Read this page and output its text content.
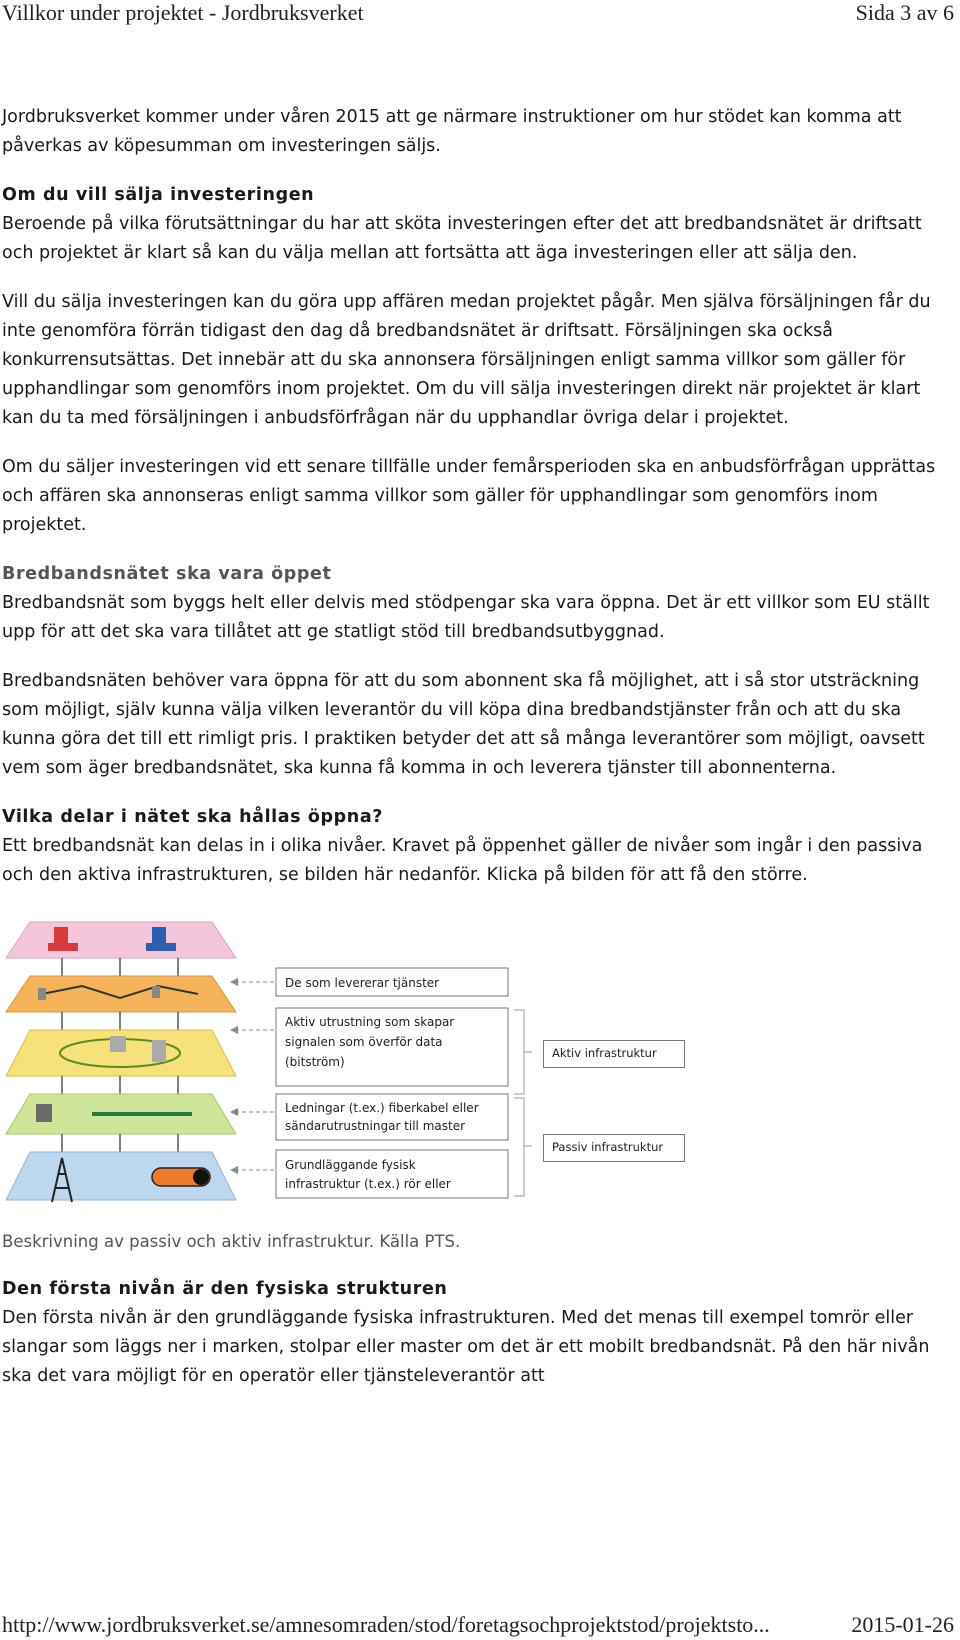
Villkor under projektet - Jordbruksverket	Sida 3 av 6

Jordbruksverket kommer under våren 2015 att ge närmare instruktioner om hur stödet kan komma att påverkas av köpesumman om investeringen säljs.

Om du vill sälja investeringen

Beroende på vilka förutsättningar du har att sköta investeringen efter det att bredbandsnätet är driftsatt och projektet är klart så kan du välja mellan att fortsätta att äga investeringen eller att sälja den.

Vill du sälja investeringen kan du göra upp affären medan projektet pågår. Men själva försäljningen får du inte genomföra förrän tidigast den dag då bredbandsnätet är driftsatt. Försäljningen ska också konkurrensutsättas. Det innebär att du ska annonsera försäljningen enligt samma villkor som gäller för upphandlingar som genomförs inom projektet. Om du vill sälja investeringen direkt när projektet är klart kan du ta med försäljningen i anbudsförfrågan när du upphandlar övriga delar i projektet.

Om du säljer investeringen vid ett senare tillfälle under femårsperioden ska en anbudsförfrågan upprättas och affären ska annonseras enligt samma villkor som gäller för upphandlingar som genomförs inom projektet.

Bredbandsnätet ska vara öppet

Bredbandsnät som byggs helt eller delvis med stödpengar ska vara öppna. Det är ett villkor som EU ställt upp för att det ska vara tillåtet att ge statligt stöd till bredbandsutbyggnad.

Bredbandsnäten behöver vara öppna för att du som abonnent ska få möjlighet, att i så stor utsträckning som möjligt, själv kunna välja vilken leverantör du vill köpa dina bredbandstjänster från och att du ska kunna göra det till ett rimligt pris. I praktiken betyder det att så många leverantörer som möjligt, oavsett vem som äger bredbandsnätet, ska kunna få komma in och leverera tjänster till abonnenterna.

Vilka delar i nätet ska hållas öppna?

Ett bredbandsnät kan delas in i olika nivåer. Kravet på öppenhet gäller de nivåer som ingår i den passiva och den aktiva infrastrukturen, se bilden här nedanför. Klicka på bilden för att få den större.

De som levererar tjänster
Aktiv utrustning som skapar
signalen som överför data
(bitström)
Ledningar (t.ex.) fiberkabel eller
sändarutrustningar till master
Grundläggande fysisk
infrastruktur (t.ex.) rör eller
Aktiv infrastruktur
Passiv infrastruktur

Beskrivning av passiv och aktiv infrastruktur. Källa PTS.

Den första nivån är den fysiska strukturen

Den första nivån är den grundläggande fysiska infrastrukturen. Med det menas till exempel tomrör eller slangar som läggs ner i marken, stolpar eller master om det är ett mobilt bredbandsnät. På den här nivån ska det vara möjligt för en operatör eller tjänsteleverantör att

http://www.jordbruksverket.se/amnesomraden/stod/foretagsochprojektstod/projektsto...	2015-01-26
